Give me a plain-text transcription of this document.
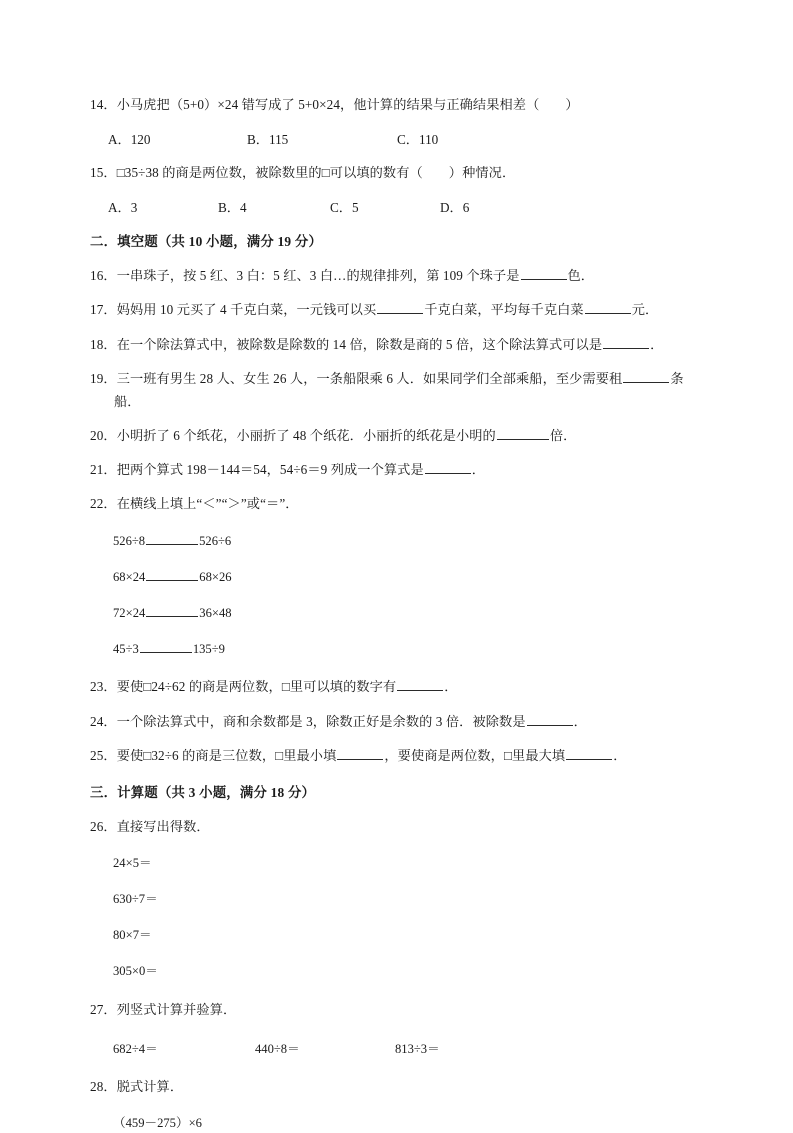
14．小马虎把（5+0）×24 错写成了 5+0×24，他计算的结果与正确结果相差（ ）
A．120	B．115	C．110
15．□35÷38 的商是两位数，被除数里的□可以填的数有（ ）种情况．
A．3	B．4	C．5	D．6
二．填空题（共 10 小题，满分 19 分）
16．一串珠子，按 5 红、3 白：5 红、3 白…的规律排列，第 109 个珠子是	色．
17．妈妈用 10 元买了 4 千克白菜，一元钱可以买	千克白菜，平均每千克白菜	元．
18．在一个除法算式中，被除数是除数的 14 倍，除数是商的 5 倍，这个除法算式可以是	．
19．三一班有男生 28 人、女生 26 人，一条船限乘 6 人．如果同学们全部乘船，至少需要租	条
船．
20．小明折了 6 个纸花，小丽折了 48 个纸花．小丽折的纸花是小明的	倍．
21．把两个算式 198－144＝54，54÷6＝9 列成一个算式是	．
22．在横线上填上“＜”“＞”或“＝”．
526÷8	526÷6
68×24	68×26
72×24	36×48
45÷3	135÷9
23．要使□24÷62 的商是两位数，□里可以填的数字有	．
24．一个除法算式中，商和余数都是 3，除数正好是余数的 3 倍．被除数是	．
25．要使□32÷6 的商是三位数，□里最小填	，要使商是两位数，□里最大填	．
三．计算题（共 3 小题，满分 18 分）
26．直接写出得数．
24×5＝
630÷7＝
80×7＝
305×0＝
27．列竖式计算并验算．
682÷4＝	440÷8＝	813÷3＝
28．脱式计算．
（459－275）×6
